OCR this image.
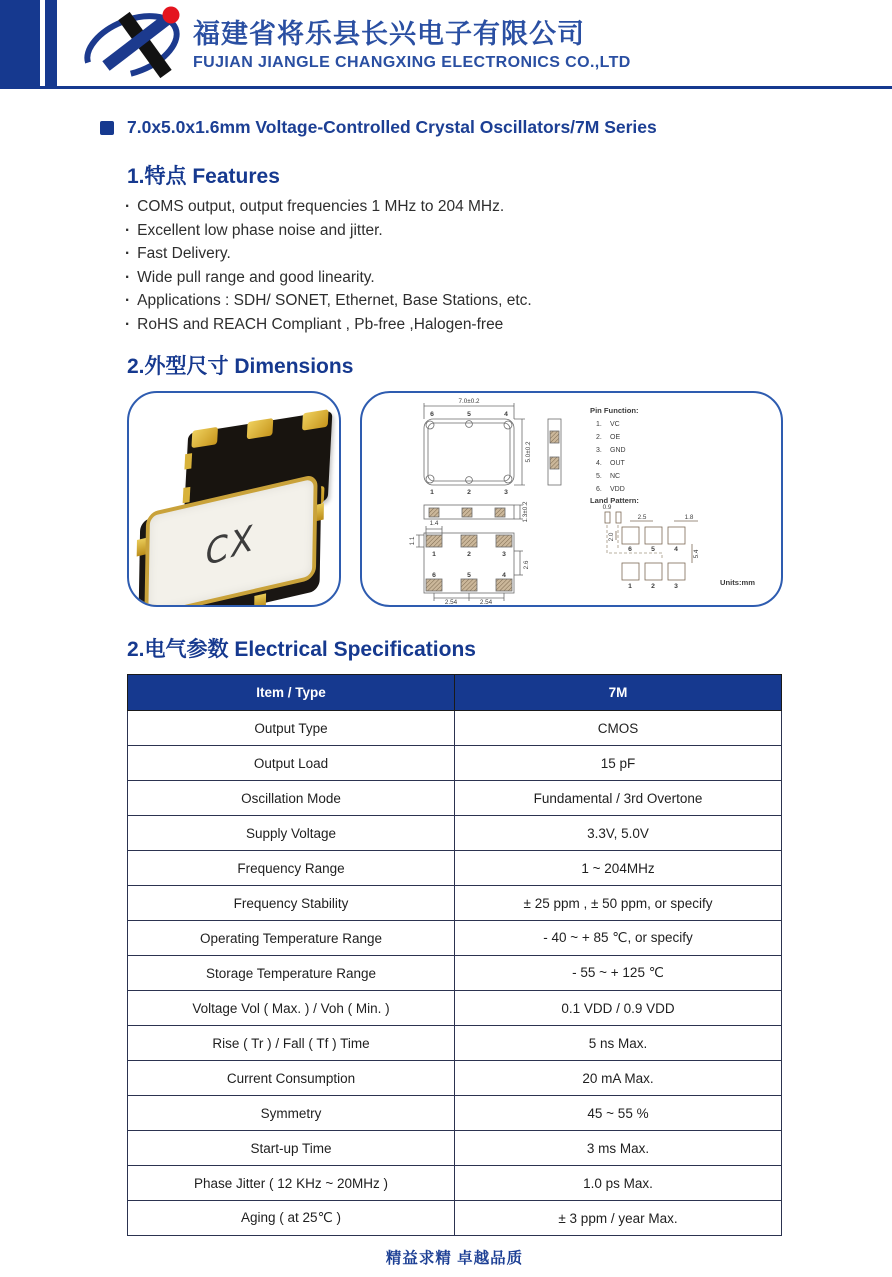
福建省将乐县长兴电子有限公司
FUJIAN JIANGLE CHANGXING ELECTRONICS CO.,LTD
7.0x5.0x1.6mm Voltage-Controlled Crystal Oscillators/7M Series
1.特点 Features
· COMS output, output frequencies 1 MHz to 204 MHz.
· Excellent low phase noise and jitter.
· Fast Delivery.
· Wide pull range and good linearity.
· Applications : SDH/ SONET, Ethernet, Base Stations, etc.
· RoHS and REACH Compliant , Pb-free ,Halogen-free
2.外型尺寸 Dimensions
CX
7.0±0.2
5.0±0.2
6	5	4
1	2	3
1.3±0.2
1.4
1.1
2.6
2.54	2.54
1	2	3
6	5	4
Pin Function:
1. VC
2. OE
3. GND
4. OUT
5. NC
6. VDD
Land Pattern:
2.5	1.8
2.0
5.4
0.9
6	5	4
1	2	3	Units:mm
2.电气参数 Electrical Specifications
Item / Type	7M
Output Type	CMOS
Output Load	15 pF
Oscillation Mode	Fundamental / 3rd Overtone
Supply Voltage	3.3V, 5.0V
Frequency Range	1 ~ 204MHz
Frequency Stability	± 25 ppm , ± 50 ppm, or specify
Operating Temperature Range	- 40 ~ + 85 ℃, or specify
Storage Temperature Range	- 55 ~ + 125 ℃
Voltage Vol ( Max. ) / Voh ( Min. )	0.1 VDD / 0.9 VDD
Rise ( Tr ) / Fall ( Tf ) Time	5 ns Max.
Current Consumption	20 mA Max.
Symmetry	45 ~ 55 %
Start-up Time	3 ms Max.
Phase Jitter ( 12 KHz ~ 20MHz )	1.0 ps Max.
Aging ( at 25℃ )	± 3 ppm / year Max.
精益求精 卓越品质
